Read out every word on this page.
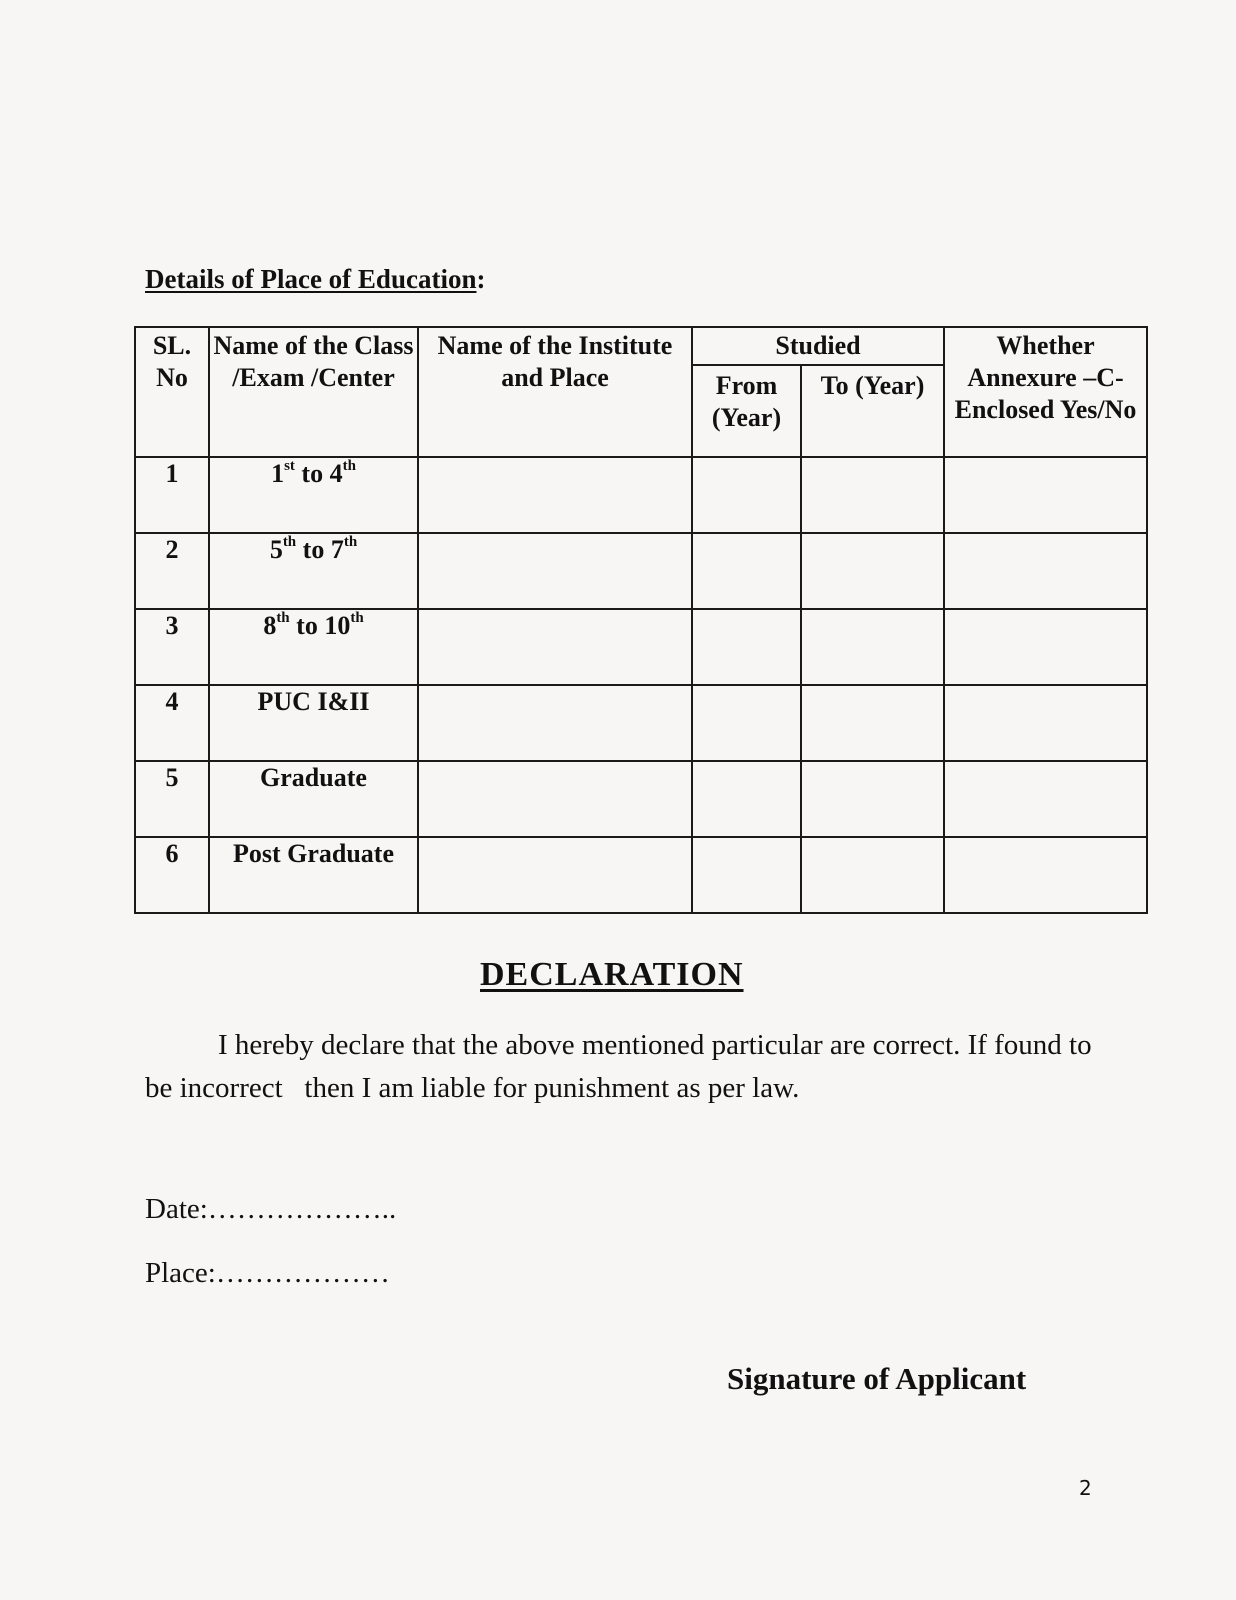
Details of Place of Education:
SL. No	Name of the Class /Exam /Center	Name of the Institute and Place	Studied		Whether Annexure –C- Enclosed Yes/No
			From (Year)	To (Year)	
1	1st to 4th				
2	5th to 7th				
3	8th to 10th				
4	PUC I&II				
5	Graduate				
6	Post Graduate				
DECLARATION
I hereby declare that the above mentioned particular are correct. If found to be incorrect   then I am liable for punishment as per law.
Date:………………..
Place:………………
Signature of Applicant
2
